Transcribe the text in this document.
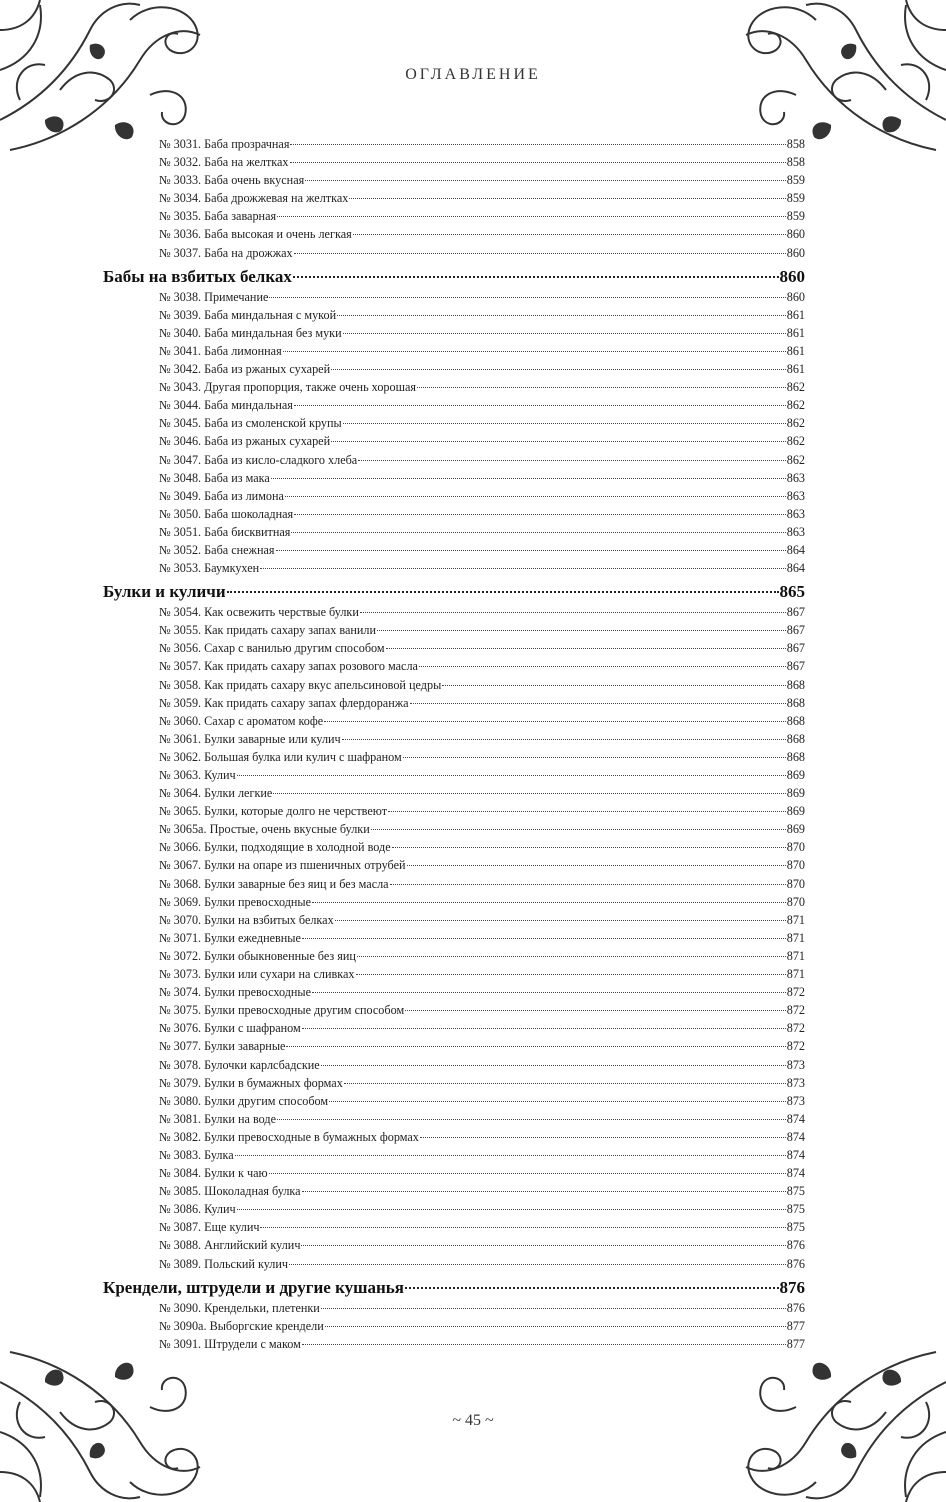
ОГЛАВЛЕНИЕ
№ 3031. Баба прозрачная	858
№ 3032. Баба на желтках	858
№ 3033. Баба очень вкусная	859
№ 3034. Баба дрожжевая на желтках	859
№ 3035. Баба заварная	859
№ 3036. Баба высокая и очень легкая	860
№ 3037. Баба на дрожжах	860
Бабы на взбитых белках	860
№ 3038. Примечание	860
№ 3039. Баба миндальная с мукой	861
№ 3040. Баба миндальная без муки	861
№ 3041. Баба лимонная	861
№ 3042. Баба из ржаных сухарей	861
№ 3043. Другая пропорция, также очень хорошая	862
№ 3044. Баба миндальная	862
№ 3045. Баба из смоленской крупы	862
№ 3046. Баба из ржаных сухарей	862
№ 3047. Баба из кисло-сладкого хлеба	862
№ 3048. Баба из мака	863
№ 3049. Баба из лимона	863
№ 3050. Баба шоколадная	863
№ 3051. Баба бисквитная	863
№ 3052. Баба снежная	864
№ 3053. Баумкухен	864
Булки и куличи	865
№ 3054. Как освежить черствые булки	867
№ 3055. Как придать сахару запах ванили	867
№ 3056. Сахар с ванилью другим способом	867
№ 3057. Как придать сахару запах розового масла	867
№ 3058. Как придать сахару вкус апельсиновой цедры	868
№ 3059. Как придать сахару запах флердоранжа	868
№ 3060. Сахар с ароматом кофе	868
№ 3061. Булки заварные или кулич	868
№ 3062. Большая булка или кулич с шафраном	868
№ 3063. Кулич	869
№ 3064. Булки легкие	869
№ 3065. Булки, которые долго не черствеют	869
№ 3065а. Простые, очень вкусные булки	869
№ 3066. Булки, подходящие в холодной воде	870
№ 3067. Булки на опаре из пшеничных отрубей	870
№ 3068. Булки заварные без яиц и без масла	870
№ 3069. Булки превосходные	870
№ 3070. Булки на взбитых белках	871
№ 3071. Булки ежедневные	871
№ 3072. Булки обыкновенные без яиц	871
№ 3073. Булки или сухари на сливках	871
№ 3074. Булки превосходные	872
№ 3075. Булки превосходные другим способом	872
№ 3076. Булки с шафраном	872
№ 3077. Булки заварные	872
№ 3078. Булочки карлсбадские	873
№ 3079. Булки в бумажных формах	873
№ 3080. Булки другим способом	873
№ 3081. Булки на воде	874
№ 3082. Булки превосходные в бумажных формах	874
№ 3083. Булка	874
№ 3084. Булки к чаю	874
№ 3085. Шоколадная булка	875
№ 3086. Кулич	875
№ 3087. Еще кулич	875
№ 3088. Английский кулич	876
№ 3089. Польский кулич	876
Крендели, штрудели и другие кушанья	876
№ 3090. Крендельки, плетенки	876
№ 3090а. Выборгские крендели	877
№ 3091. Штрудели с маком	877
~ 45 ~
